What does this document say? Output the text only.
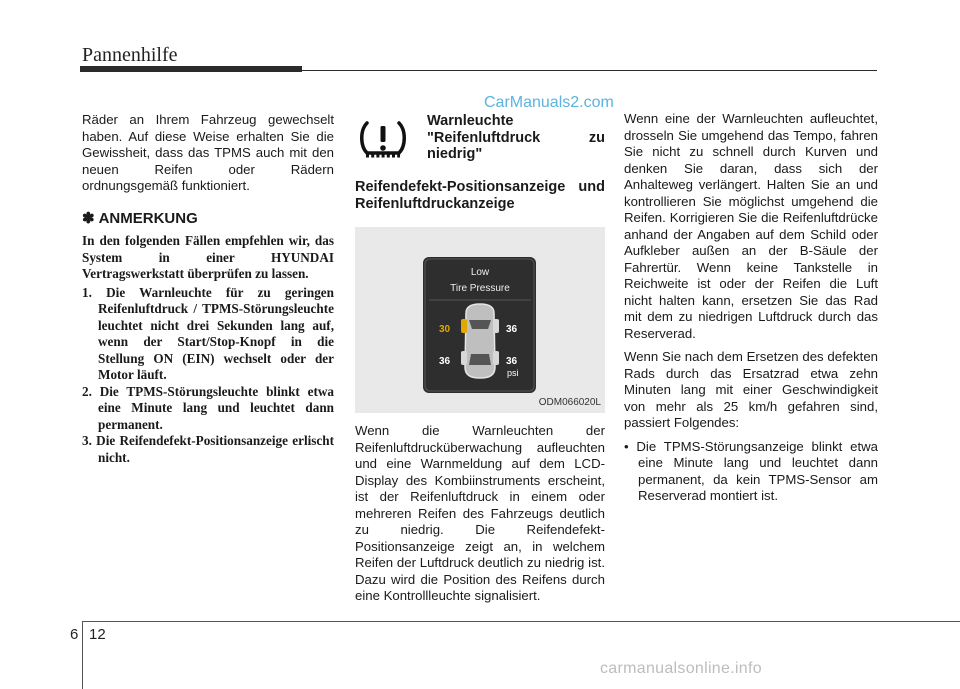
Pannenhilfe
CarManuals2.com

Räder an Ihrem Fahrzeug gewechselt haben. Auf diese Weise erhalten Sie die Gewissheit, dass das TPMS auch mit den neuen Reifen oder Rädern ordnungsgemäß funktioniert.

✽ ANMERKUNG

In den folgenden Fällen empfehlen wir, das System in einer HYUNDAI Vertragswerkstatt überprüfen zu lassen.

1. Die Warnleuchte für zu geringen Reifenluftdruck / TPMS-Störungsleuchte leuchtet nicht drei Sekunden lang auf, wenn der Start/Stop-Knopf in die Stellung ON (EIN) wechselt oder der Motor läuft.
2. Die TPMS-Störungsleuchte blinkt etwa eine Minute lang und leuchtet dann permanent.
3. Die Reifendefekt-Positionsanzeige erlischt nicht.
Warnleuchte "Reifenluftdruck zu niedrig"
Reifendefekt-Positionsanzeige und Reifenluftdruckanzeige
Low
Tire Pressure
30	36
36	36
psi
ODM066020L

Wenn die Warnleuchten der Reifenluftdrucküberwachung aufleuchten und eine Warnmeldung auf dem LCD-Display des Kombiinstruments erscheint, ist der Reifenluftdruck in einem oder mehreren Reifen des Fahrzeugs deutlich zu niedrig. Die Reifendefekt-Positionsanzeige zeigt an, in welchem Reifen der Luftdruck deutlich zu niedrig ist. Dazu wird die Position des Reifens durch eine Kontrollleuchte signalisiert.

Wenn eine der Warnleuchten aufleuchtet, drosseln Sie umgehend das Tempo, fahren Sie nicht zu schnell durch Kurven und denken Sie daran, dass sich der Anhalteweg verlängert. Halten Sie an und kontrollieren Sie möglichst umgehend die Reifen. Korrigieren Sie die Reifenluftdrücke anhand der Angaben auf dem Schild oder Aufkleber außen an der B-Säule der Fahrertür. Wenn keine Tankstelle in Reichweite ist oder der Reifen die Luft nicht halten kann, ersetzen Sie das Rad mit dem zu niedrigen Luftdruck durch das Reserverad.

Wenn Sie nach dem Ersetzen des defekten Rads durch das Ersatzrad etwa zehn Minuten lang mit einer Geschwindigkeit von mehr als 25 km/h gefahren sind, passiert Folgendes:

• Die TPMS-Störungsanzeige blinkt etwa eine Minute lang und leuchtet dann permanent, da kein TPMS-Sensor am Reserverad montiert ist.

6 12
carmanualsonline.info
